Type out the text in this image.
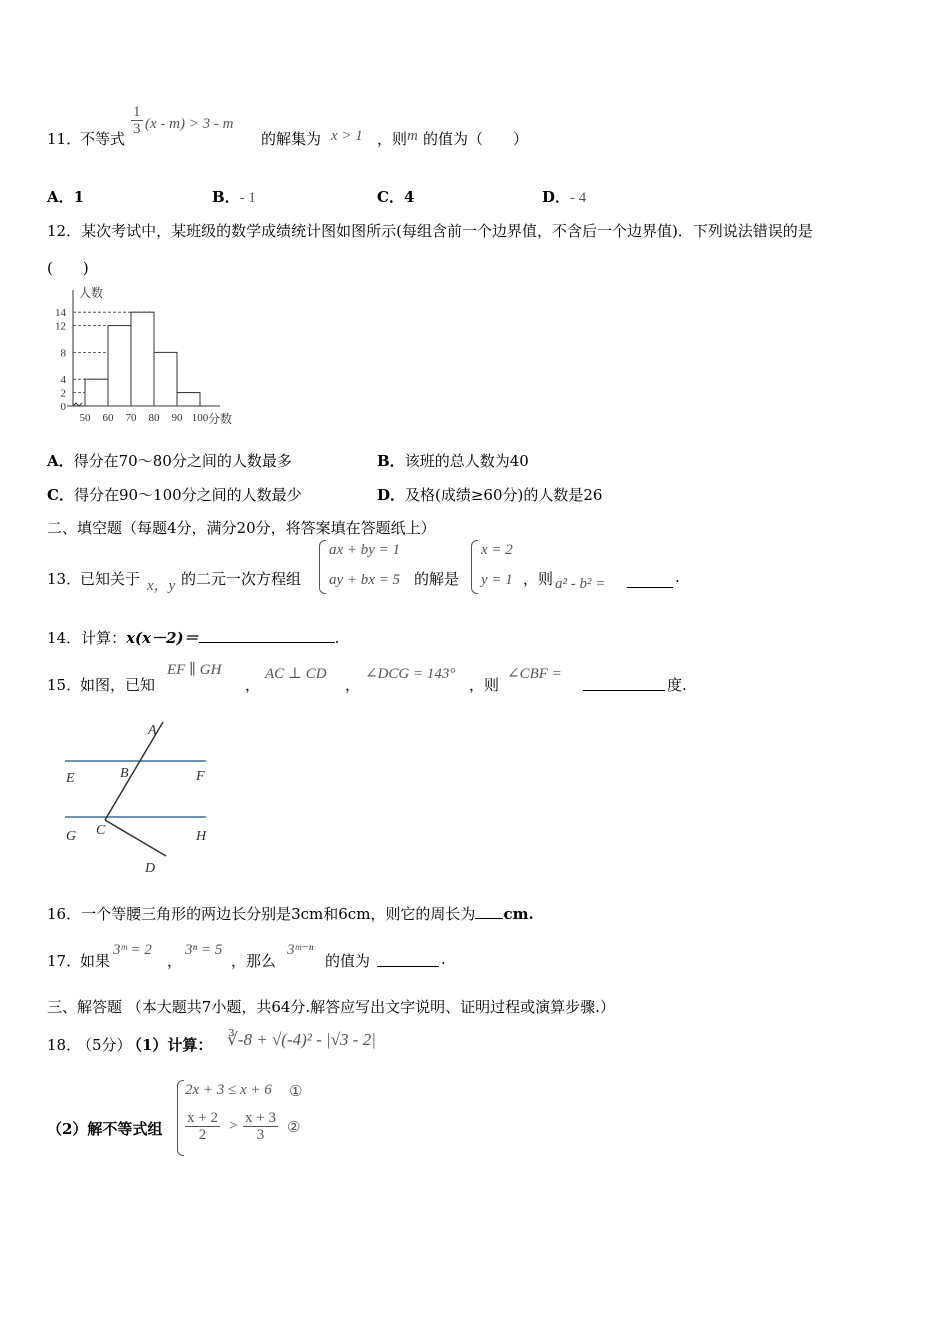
11．
不等式
$\frac{1}{3} (x - m) > 3 - m$
的解集为 x > 1 ，则 m 的值为（　　）
A．1	B．- 1	C．4	D．- 4
12．某次考试中，某班级的数学成绩统计图如图所示(每组含前一个边界值，不含后一个边界值)．下列说法错误的是
(　　)
0
2
4
8
12
14
50 60 70 80 90 100
人数
分数
A．得分在70～80分之间的人数最多	B．该班的总人数为40
C．得分在90～100分之间的人数最少	D．及格(成绩≥60分)的人数是26
二、填空题（每题4分，满分20分，将答案填在答题纸上）
13．
已知关于 x，y 的二元一次方程组
ax + by = 1
ay + bx = 5 的解是
x = 2
y = 1 ，则 a² - b² =	.
14．计算：x(x－2)＝	.
15．
如图，已知
EF ∥ GH
，
AC ⊥ CD
，
∠DCG = 143°
，则
∠CBF =
度.
A
E	B	F
G C	H
D
16．一个等腰三角形的两边长分别是3cm和6cm，则它的周长为 cm.
17．
如果
3ᵐ = 2
，
3ⁿ = 5
，那么
3ᵐ⁻ⁿ
的值为	.
三、解答题 （本大题共7小题，共64分.解答应写出文字说明、证明过程或演算步骤.）
18．
（5分）
（1）计算： ∛-8 + √(-4)² - |√3 - 2|
（2）解不等式组
2x + 3 ≤ x + 6 ①
$\frac{x + 2}{2} > \frac{x + 3}{3}$ ②
